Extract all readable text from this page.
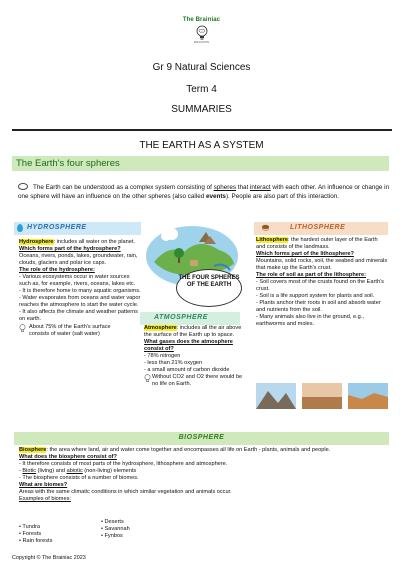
The Brainiac
EDUCATION
Gr 9 Natural Sciences
Term 4
SUMMARIES
THE EARTH AS A SYSTEM
The Earth's four spheres
The Earth can be understood as a complex system consisting of spheres that interact with each other. An influence or change in one sphere will have an influence on the other spheres (also called events). People are also part of this interaction.
HYDROSPHERE
Hydrosphere: includes all water on the planet.
Which forms part of the hydrosphere?
Oceans, rivers, ponds, lakes, groundwater, rain, clouds, glaciers and polar ice caps.
The role of the hydrosphere:
- Various ecosystems occur in water sources such as, for example, rivers, oceans, lakes etc.
- It is therefore home to many aquatic organisms.
- Water evaporates from oceans and water vapor reaches the atmosphere to start the water cycle.
- It also affects the climate and weather patterns on earth.
About 75% of the Earth's surface consists of water (salt water)
THE FOUR SPHERES OF THE EARTH
LITHOSPHERE
Lithosphere: the hardest outer layer of the Earth and consists of the landmass.
Which forms part of the lithosphere?
Mountains, solid rocks, soil, the seabed and minerals that make up the Earth's crust.
The role of soil as part of the lithosphere:
- Soil covers most of the crusts found on the Earth's crust.
- Soil is a life support system for plants and soil.
- Plants anchor their roots in soil and absorb water and nutrients from the soil.
- Many animals also live in the ground, e.g., earthworms and moles.
ATMOSPHERE
Atmosphere: includes all the air above the surface of the Earth up to space.
What gases does the atmosphere consist of?
- 78% nitrogen
- less than 21% oxygen
- a small amount of carbon dioxide
Without CO2 and O2 there would be no life on Earth.
BIOSPHERE
Biosphere: the area where land, air and water come together and encompasses all life on Earth - plants, animals and people.
What does the biosphere consist of?
- It therefore consists of most parts of the hydrosphere, lithosphere and atmosphere.
- Biotic (living) and abiotic (non-living) elements
- The biosphere consists of a number of biomes.
What are biomes?
Areas with the same climatic conditions in which similar vegetation and animals occur.
Examples of biomes:
• Tundra
• Forests
• Rain forests
• Deserts
• Savannah
• Fynbos
Copyright © The Brainiac 2023
